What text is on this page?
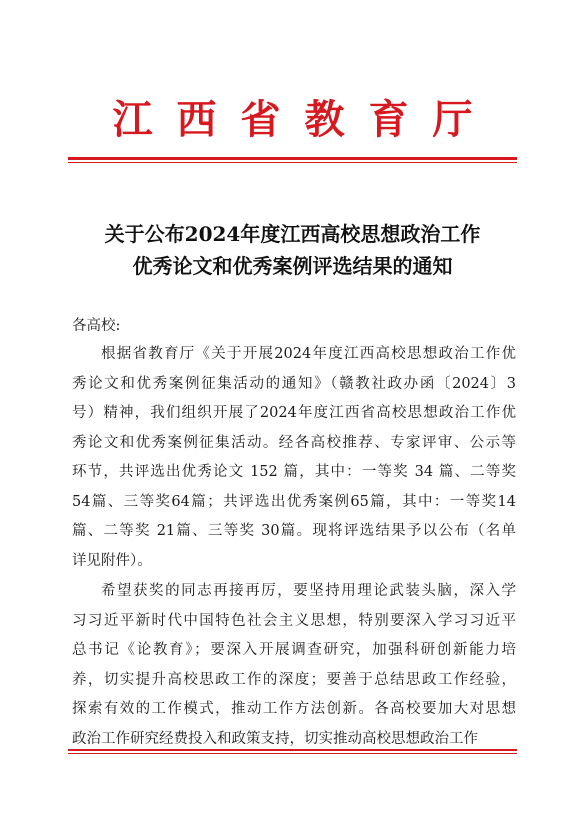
江西省教育厅
关于公布2024年度江西高校思想政治工作
优秀论文和优秀案例评选结果的通知
各高校:
根据省教育厅《关于开展2024年度江西高校思想政治工作优
秀论文和优秀案例征集活动的通知》（赣教社政办函〔2024〕3
号）精神，我们组织开展了2024年度江西省高校思想政治工作优
秀论文和优秀案例征集活动。经各高校推荐、专家评审、公示等
环节，共评选出优秀论文 152 篇，其中：一等奖 34 篇、二等奖
54篇、三等奖64篇；共评选出优秀案例65篇，其中：一等奖14
篇、二等奖 21篇、三等奖 30篇。现将评选结果予以公布（名单
详见附件）。
希望获奖的同志再接再厉，要坚持用理论武装头脑，深入学
习习近平新时代中国特色社会主义思想，特别要深入学习习近平
总书记《论教育》；要深入开展调查研究，加强科研创新能力培
养，切实提升高校思政工作的深度；要善于总结思政工作经验，
探索有效的工作模式，推动工作方法创新。各高校要加大对思想
政治工作研究经费投入和政策支持，切实推动高校思想政治工作
